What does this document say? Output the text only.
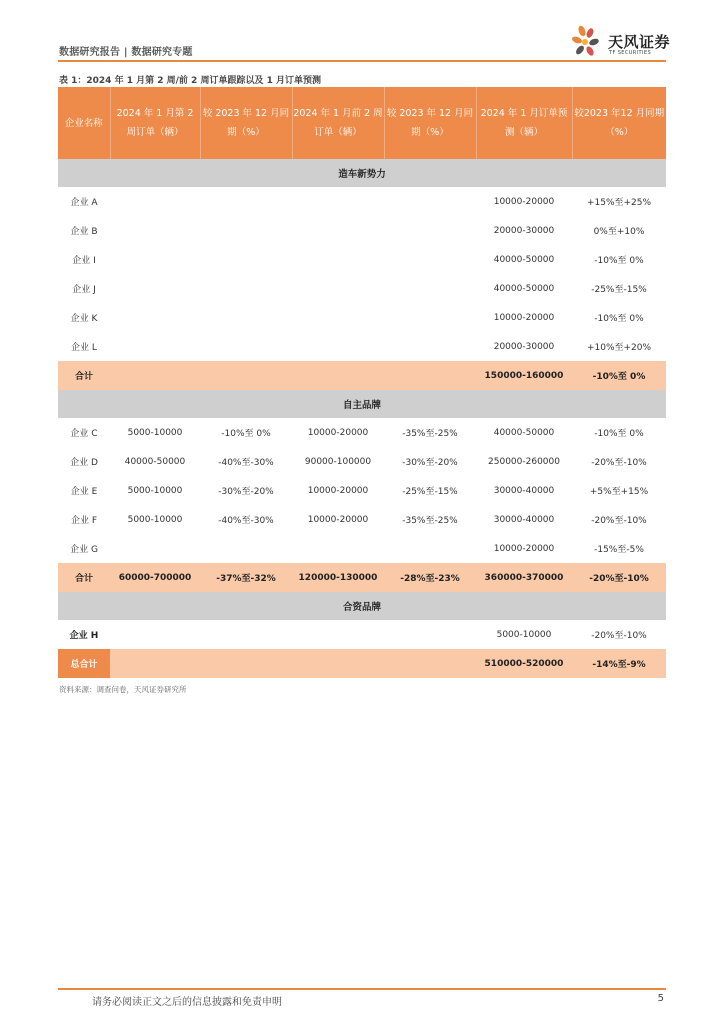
数据研究报告 | 数据研究专题
天风证券
TF SECURITIES
表 1：2024 年 1 月第 2 周/前 2 周订单跟踪以及 1 月订单预测
企业名称	2024 年 1 月第 2 周订单（辆）	较 2023 年 12 月同期（%）	2024 年 1 月前 2 周订单（辆）	较 2023 年 12 月同期（%）	2024 年 1 月订单预测（辆）	较2023 年12 月同期（%）
造车新势力						
企业 A					10000-20000	+15%至+25%
企业 B					20000-30000	0%至+10%
企业 I					40000-50000	-10%至 0%
企业 J					40000-50000	-25%至-15%
企业 K					10000-20000	-10%至 0%
企业 L					20000-30000	+10%至+20%
合计					150000-160000	-10%至 0%
自主品牌						
企业 C	5000-10000	-10%至 0%	10000-20000	-35%至-25%	40000-50000	-10%至 0%
企业 D	40000-50000	-40%至-30%	90000-100000	-30%至-20%	250000-260000	-20%至-10%
企业 E	5000-10000	-30%至-20%	10000-20000	-25%至-15%	30000-40000	+5%至+15%
企业 F	5000-10000	-40%至-30%	10000-20000	-35%至-25%	30000-40000	-20%至-10%
企业 G					10000-20000	-15%至-5%
合计	60000-700000	-37%至-32%	120000-130000	-28%至-23%	360000-370000	-20%至-10%
合资品牌						
企业 H					5000-10000	-20%至-10%
总合计					510000-520000	-14%至-9%
资料来源：调查问卷，天风证券研究所
请务必阅读正文之后的信息披露和免责申明	5
